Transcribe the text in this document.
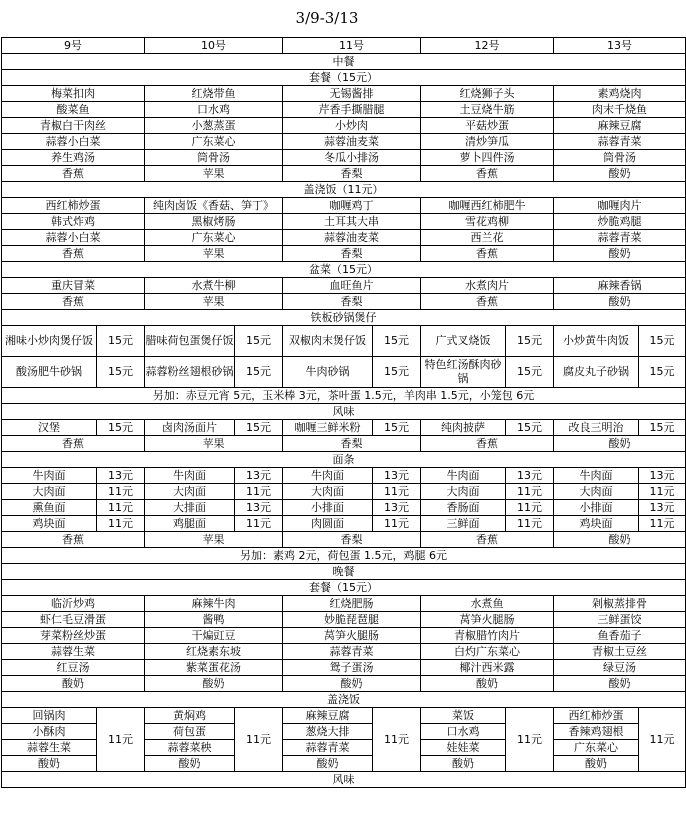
3/9-3/13
9号		10号		11号		12号		13号	
中餐									
套餐（15元）									
梅菜扣肉		红烧带鱼		无锡酱排		红烧狮子头		素鸡烧肉	
酸菜鱼		口水鸡		芹香手撕腊腿		土豆烧牛筋		肉末千烧鱼	
青椒白干肉丝		小葱蒸蛋		小炒肉		平菇炒蛋		麻辣豆腐	
蒜蓉小白菜		广东菜心		蒜蓉油麦菜		清炒笋瓜		蒜蓉青菜	
养生鸡汤		筒骨汤		冬瓜小排汤		萝卜四件汤		筒骨汤	
香蕉		苹果		香梨		香蕉		酸奶	
盖浇饭（11元）									
西红柿炒蛋		纯肉卤饭《香菇、笋丁》		咖喱鸡丁		咖喱西红柿肥牛		咖喱肉片	
韩式炸鸡		黑椒烤肠		土耳其大串		雪花鸡柳		炒脆鸡腿	
蒜蓉小白菜		广东菜心		蒜蓉油麦菜		西兰花		蒜蓉青菜	
香蕉		苹果		香梨		香蕉		酸奶	
盆菜（15元）									
重庆冒菜		水煮牛柳		血旺鱼片		水煮肉片		麻辣香锅	
香蕉		苹果		香梨		香蕉		酸奶	
铁板砂锅煲仔									
湘味小炒肉煲仔饭	15元	腊味荷包蛋煲仔饭	15元	双椒肉末煲仔饭	15元	广式叉烧饭	15元	小炒黄牛肉饭	15元
酸汤肥牛砂锅	15元	蒜蓉粉丝翅根砂锅	15元	牛肉砂锅	15元	特色红汤酥肉砂锅	15元	腐皮丸子砂锅	15元
另加：赤豆元宵 5元，玉米棒 3元，茶叶蛋 1.5元，羊肉串 1.5元，小笼包 6元									
风味									
汉堡	15元	卤肉汤面片	15元	咖喱三鲜米粉	15元	纯肉披萨	15元	改良三明治	15元
香蕉		苹果		香梨		香蕉		酸奶	
面条									
牛肉面	13元	牛肉面	13元	牛肉面	13元	牛肉面	13元	牛肉面	13元
大肉面	11元	大肉面	11元	大肉面	11元	大肉面	11元	大肉面	11元
熏鱼面	11元	大排面	13元	小排面	13元	香肠面	11元	小排面	13元
鸡块面	11元	鸡腿面	11元	肉圆面	11元	三鲜面	11元	鸡块面	11元
香蕉		苹果		香梨		香蕉		酸奶	
另加：素鸡 2元，荷包蛋 1.5元，鸡腿 6元									
晚餐									
套餐（15元）									
临沂炒鸡		麻辣牛肉		红烧肥肠		水煮鱼		剁椒蒸排骨	
虾仁毛豆滑蛋		酱鸭		妙脆琵琶腿		莴笋火腿肠		三鲜蛋饺	
芽菜粉丝炒蛋		干煸豇豆		莴笋火腿肠		青椒腊竹肉片		鱼香茄子	
蒜蓉生菜		红烧素东坡		蒜蓉青菜		白灼广东菜心		青椒土豆丝	
红豆汤		紫菜蛋花汤		鸳子蛋汤		椰汁西米露		绿豆汤	
酸奶		酸奶		酸奶		酸奶		酸奶	
盖浇饭									
回锅肉	11元	黄焖鸡	11元	麻辣豆腐	11元	菜饭	11元	西红柿炒蛋	11元
小酥肉		荷包蛋		葱烧大排		口水鸡		香辣鸡翅根	
蒜蓉生菜		蒜蓉菜秧		蒜蓉青菜		娃娃菜		广东菜心	
酸奶		酸奶		酸奶		酸奶		酸奶	
风味									
